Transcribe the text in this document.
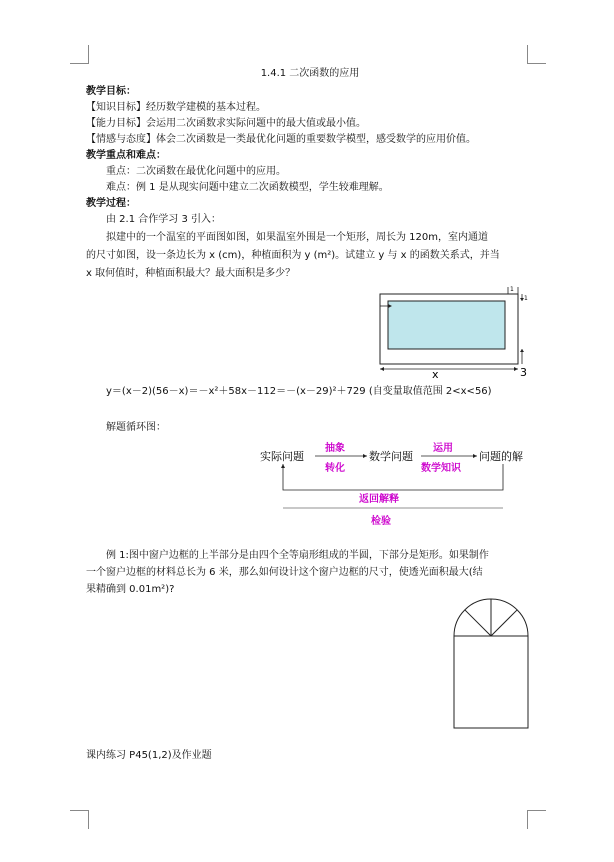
1.4.1 二次函数的应用
教学目标：
【知识目标】经历数学建模的基本过程。
【能力目标】会运用二次函数求实际问题中的最大值或最小值。
【情感与态度】体会二次函数是一类最优化问题的重要数学模型，感受数学的应用价值。
教学重点和难点：
重点：二次函数在最优化问题中的应用。
难点：例 1 是从现实问题中建立二次函数模型，学生较难理解。
教学过程：
由 2.1 合作学习 3 引入：
拟建中的一个温室的平面图如图，如果温室外围是一个矩形，周长为 120m，室内通道
的尺寸如图，设一条边长为 x (cm)，种植面积为 y (m²)。试建立 y 与 x 的函数关系式，并当
x 取何值时，种植面积最大？最大面积是多少？
1
1
3
x
y＝(x－2)(56－x)＝－x²＋58x－112＝－(x－29)²＋729 (自变量取值范围 2<x<56)
解题循环图：
实际问题
抽象
转化
数学问题
运用
数学知识
问题的解
返回解释
检验
例 1:图中窗户边框的上半部分是由四个全等扇形组成的半圆，下部分是矩形。如果制作
一个窗户边框的材料总长为 6 米，那么如何设计这个窗户边框的尺寸，使透光面积最大(结
果精确到 0.01m²)?
课内练习 P45(1,2)及作业题
